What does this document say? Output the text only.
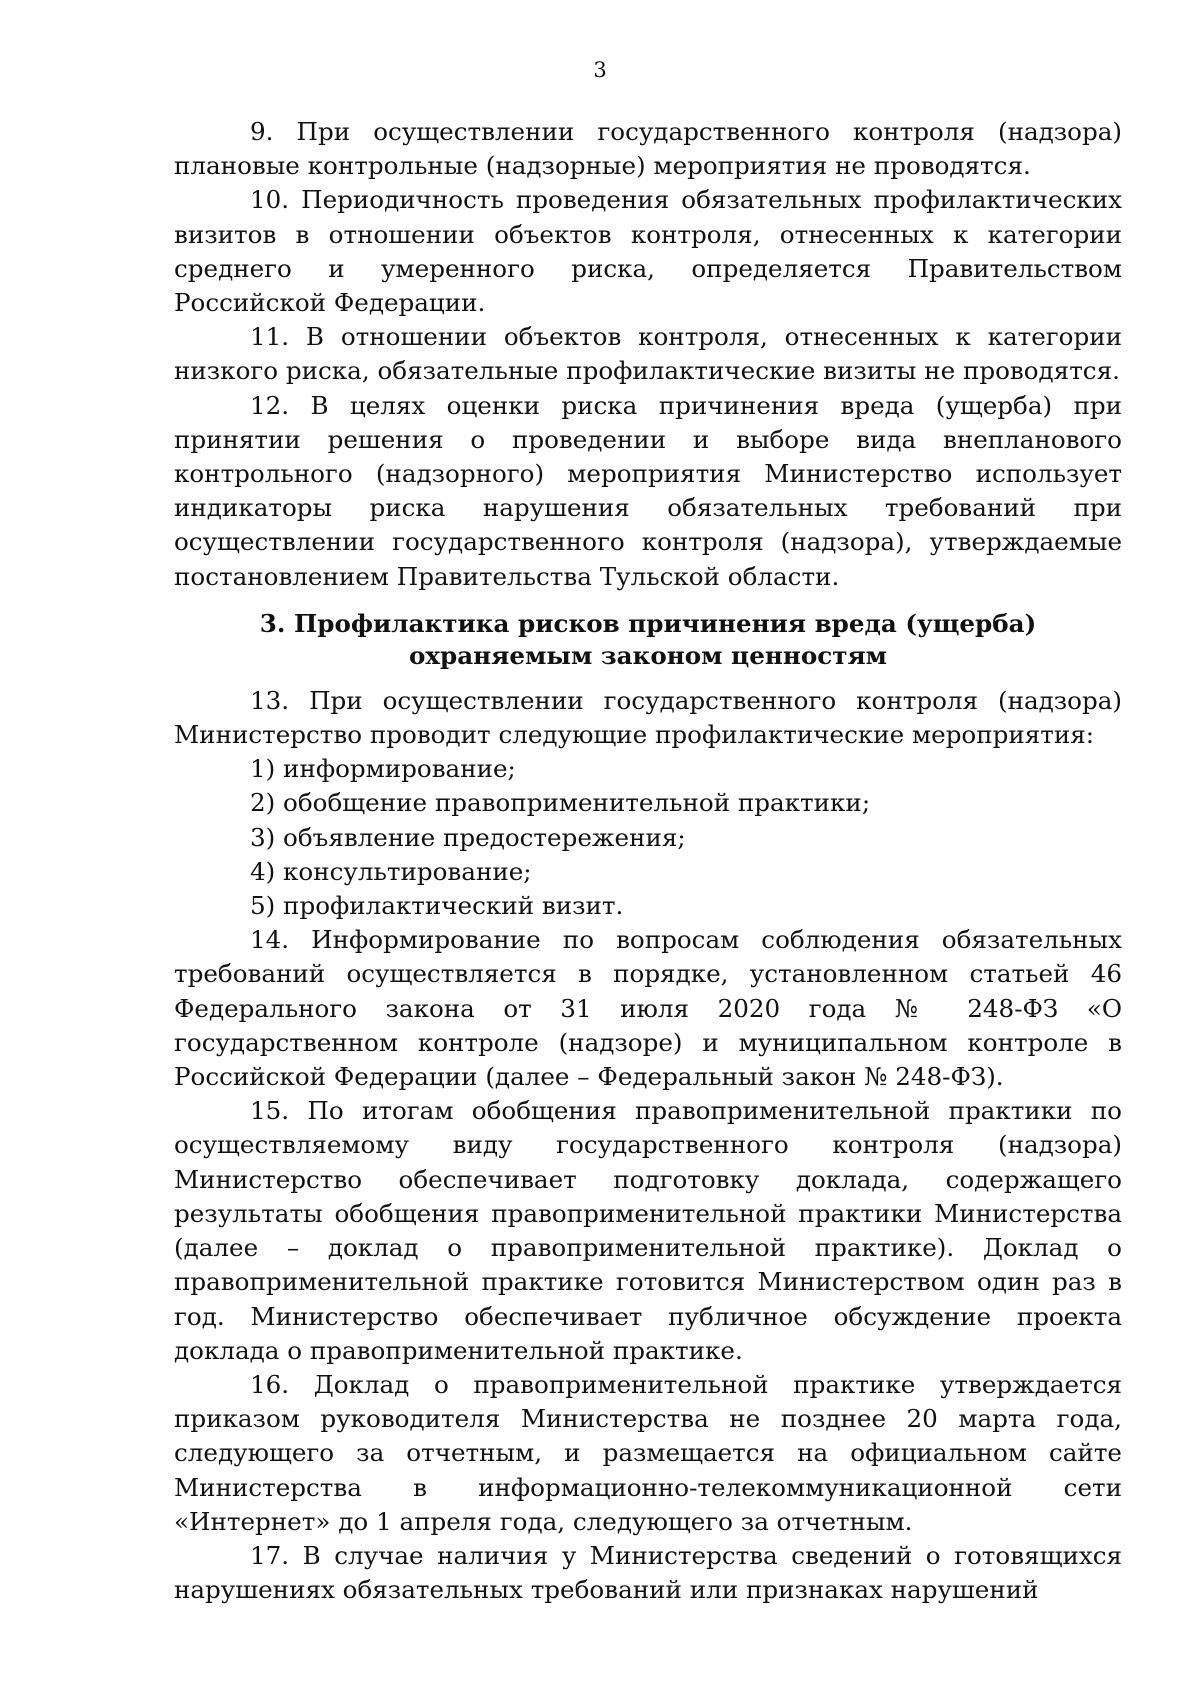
3

9. При осуществлении государственного контроля (надзора) плановые контрольные (надзорные) мероприятия не проводятся.

10. Периодичность проведения обязательных профилактических визитов в отношении объектов контроля, отнесенных к категории среднего и умеренного риска, определяется Правительством Российской Федерации.

11. В отношении объектов контроля, отнесенных к категории низкого риска, обязательные профилактические визиты не проводятся.

12. В целях оценки риска причинения вреда (ущерба) при принятии решения о проведении и выборе вида внепланового контрольного (надзорного) мероприятия Министерство использует индикаторы риска нарушения обязательных требований при осуществлении государственного контроля (надзора), утверждаемые постановлением Правительства Тульской области.

3. Профилактика рисков причинения вреда (ущерба)
охраняемым законом ценностям

13. При осуществлении государственного контроля (надзора) Министерство проводит следующие профилактические мероприятия:

1) информирование;

2) обобщение правоприменительной практики;

3) объявление предостережения;

4) консультирование;

5) профилактический визит.

14. Информирование по вопросам соблюдения обязательных требований осуществляется в порядке, установленном статьей 46 Федерального закона от 31 июля 2020 года № 248-ФЗ «О государственном контроле (надзоре) и муниципальном контроле в Российской Федерации (далее – Федеральный закон № 248-ФЗ).

15. По итогам обобщения правоприменительной практики по осуществляемому виду государственного контроля (надзора) Министерство обеспечивает подготовку доклада, содержащего результаты обобщения правоприменительной практики Министерства (далее – доклад о правоприменительной практике). Доклад о правоприменительной практике готовится Министерством один раз в год. Министерство обеспечивает публичное обсуждение проекта доклада о правоприменительной практике.

16. Доклад о правоприменительной практике утверждается приказом руководителя Министерства не позднее 20 марта года, следующего за отчетным, и размещается на официальном сайте Министерства в информационно-телекоммуникационной сети «Интернет» до 1 апреля года, следующего за отчетным.

17. В случае наличия у Министерства сведений о готовящихся нарушениях обязательных требований или признаках нарушений
